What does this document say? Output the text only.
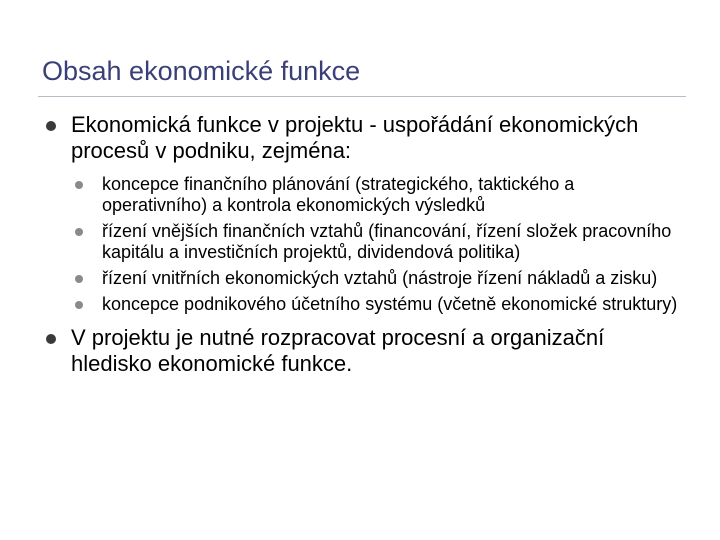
Obsah ekonomické funkce
Ekonomická funkce v projektu - uspořádání ekonomických procesů v podniku, zejména:
koncepce finančního plánování (strategického, taktického a operativního) a kontrola ekonomických výsledků
řízení vnějších finančních vztahů (financování, řízení složek pracovního kapitálu a investičních projektů, dividendová politika)
řízení vnitřních ekonomických vztahů (nástroje řízení nákladů a zisku)
koncepce podnikového účetního systému (včetně ekonomické struktury)
V projektu je nutné rozpracovat procesní a organizační hledisko ekonomické funkce.
